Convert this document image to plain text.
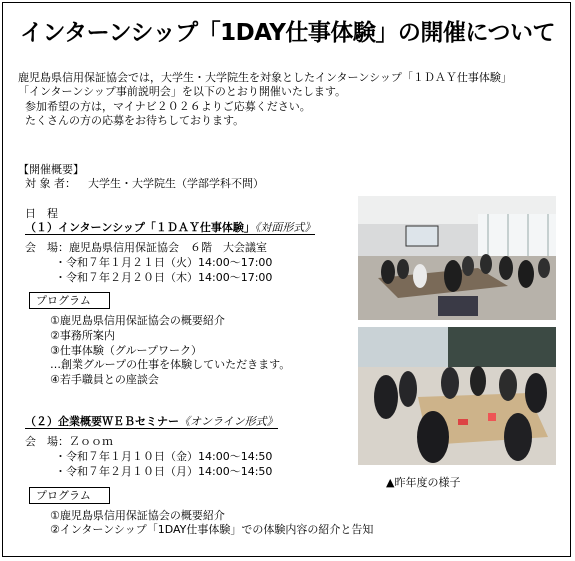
インターンシップ「1DAY仕事体験」の開催について
鹿児島県信用保証協会では，大学生・大学院生を対象としたインターンシップ「１ＤＡＹ仕事体験」
「インターンシップ事前説明会」を以下のとおり開催いたします。
参加希望の方は，マイナビ２０２６よりご応募ください。
たくさんの方の応募をお待ちしております。
【開催概要】
対 象 者： 大学生・大学院生（学部学科不問）
日　程
（１）インターンシップ「１ＤＡＹ仕事体験」《対面形式》
会　場：鹿児島県信用保証協会　６階　大会議室
・令和７年１月２１日（火）14:00～17:00
・令和７年２月２０日（木）14:00～17:00
プログラム
①鹿児島県信用保証協会の概要紹介
②事務所案内
③仕事体験（グループワーク）
…創業グループの仕事を体験していただきます。
④若手職員との座談会
（２）企業概要ＷＥＢセミナー《オンライン形式》
会　場：Ｚｏｏｍ
・令和７年１月１０日（金）14:00～14:50
・令和７年２月１０日（月）14:00～14:50
プログラム
①鹿児島県信用保証協会の概要紹介
②インターンシップ「1DAY仕事体験」での体験内容の紹介と告知
▲昨年度の様子
